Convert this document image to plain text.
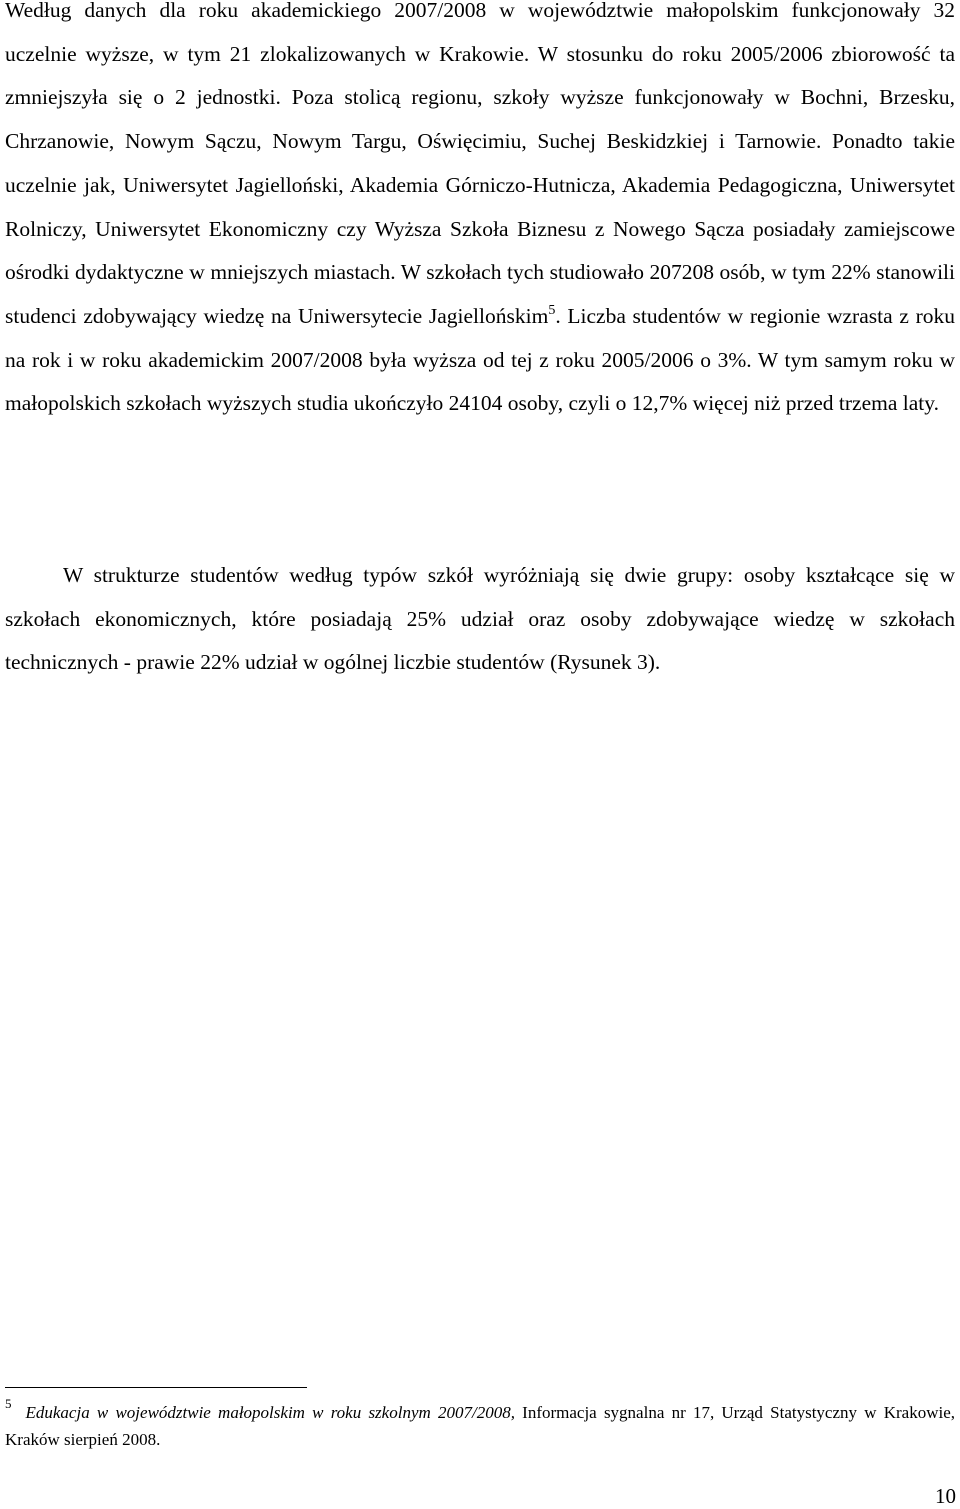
Według danych dla roku akademickiego 2007/2008 w województwie małopolskim funkcjonowały 32 uczelnie wyższe, w tym 21 zlokalizowanych w Krakowie. W stosunku do roku 2005/2006 zbiorowość ta zmniejszyła się o 2 jednostki. Poza stolicą regionu, szkoły wyższe funkcjonowały w Bochni, Brzesku, Chrzanowie, Nowym Sączu, Nowym Targu, Oświęcimiu, Suchej Beskidzkiej i Tarnowie. Ponadto takie uczelnie jak, Uniwersytet Jagielloński, Akademia Górniczo-Hutnicza, Akademia Pedagogiczna, Uniwersytet Rolniczy, Uniwersytet Ekonomiczny czy Wyższa Szkoła Biznesu z Nowego Sącza posiadały zamiejscowe ośrodki dydaktyczne w mniejszych miastach. W szkołach tych studiowało 207208 osób, w tym 22% stanowili studenci zdobywający wiedzę na Uniwersytecie Jagiellońskim$^5$. Liczba studentów w regionie wzrasta z roku na rok i w roku akademickim 2007/2008 była wyższa od tej z roku 2005/2006 o 3%. W tym samym roku w małopolskich szkołach wyższych studia ukończyło 24104 osoby, czyli o 12,7% więcej niż przed trzema laty.

W strukturze studentów według typów szkół wyróżniają się dwie grupy: osoby kształcące się w szkołach ekonomicznych, które posiadają 25% udział oraz osoby zdobywające wiedzę w szkołach technicznych - prawie 22% udział w ogólnej liczbie studentów (Rysunek 3).

$^5$ Edukacja w województwie małopolskim w roku szkolnym 2007/2008, Informacja sygnalna nr 17, Urząd Statystyczny w Krakowie, Kraków sierpień 2008.

10
